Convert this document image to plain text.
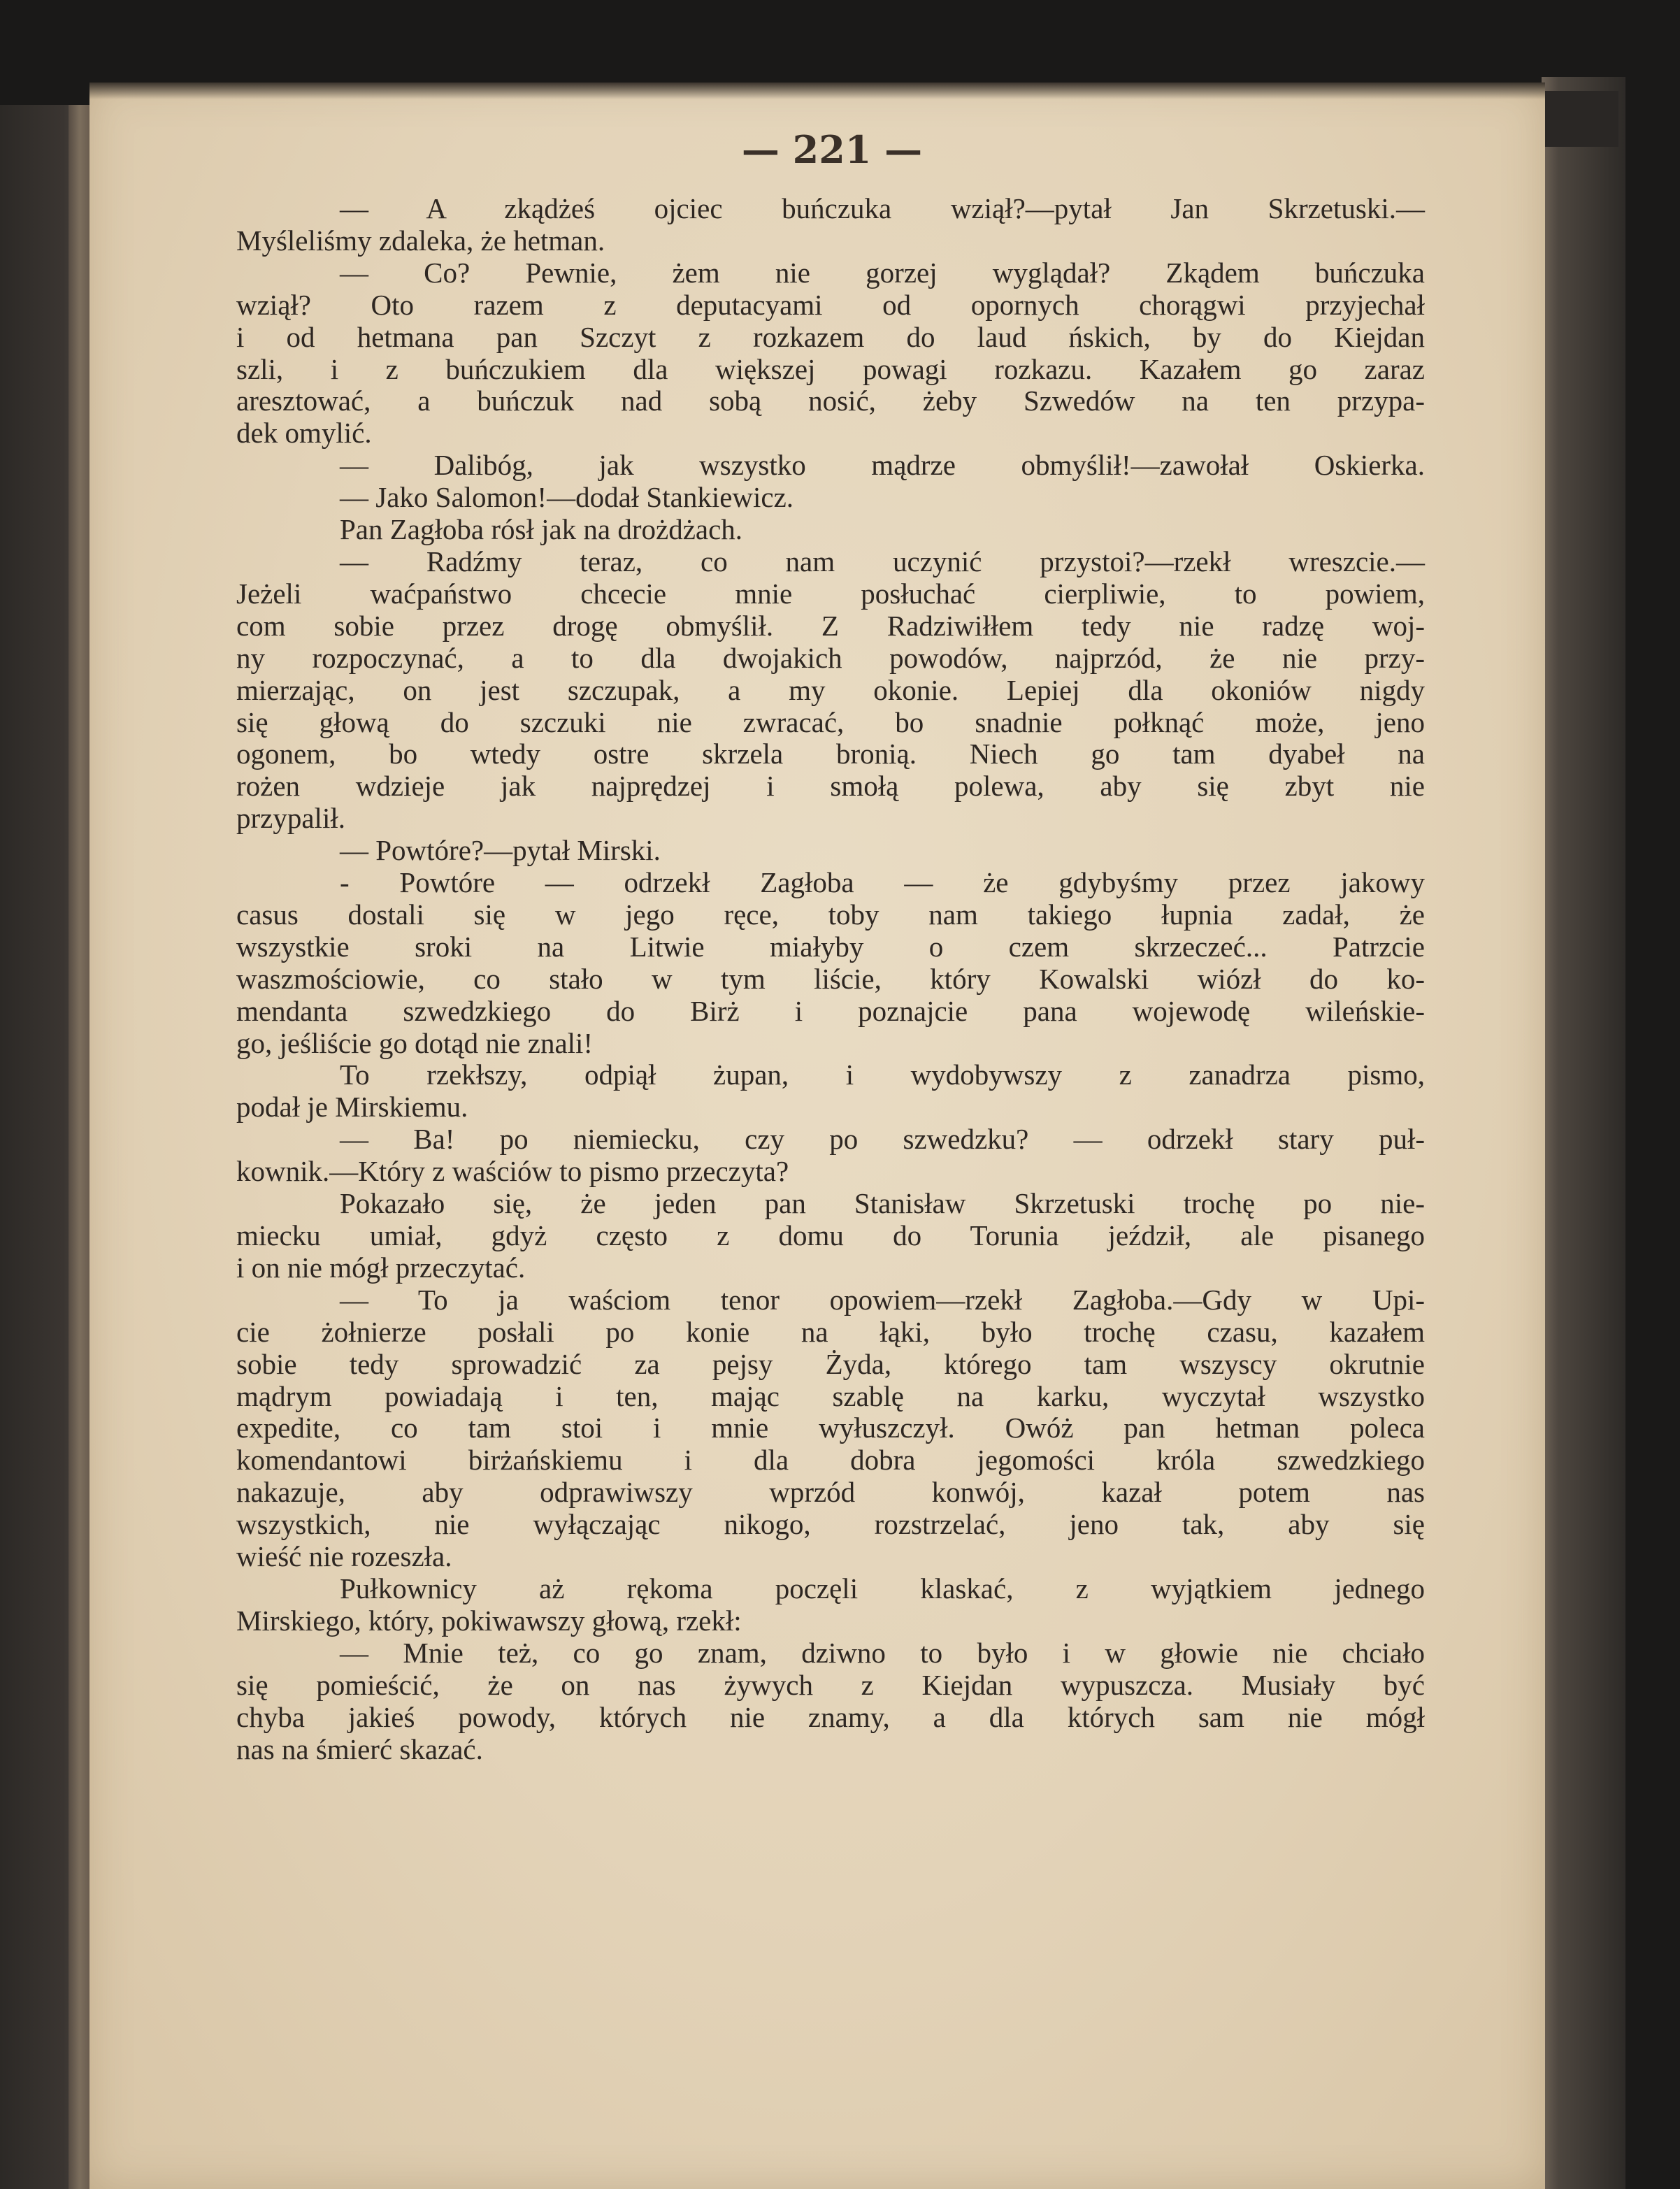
— 221 —
— A zkądżeś ojciec buńczuka wziął?—pytał Jan Skrzetuski.—
Myśleliśmy zdaleka, że hetman.
— Co? Pewnie, żem nie gorzej wyglądał? Zkądem buńczuka
wziął? Oto razem z deputacyami od opornych chorągwi przyjechał
i od hetmana pan Szczyt z rozkazem do laud ńskich, by do Kiejdan
szli, i z buńczukiem dla większej powagi rozkazu. Kazałem go zaraz
aresztować, a buńczuk nad sobą nosić, żeby Szwedów na ten przypa-
dek omylić.
— Dalibóg, jak wszystko mądrze obmyślił!—zawołał Oskierka.
— Jako Salomon!—dodał Stankiewicz.
Pan Zagłoba rósł jak na drożdżach.
— Radźmy teraz, co nam uczynić przystoi?—rzekł wreszcie.—
Jeżeli waćpaństwo chcecie mnie posłuchać cierpliwie, to powiem,
com sobie przez drogę obmyślił. Z Radziwiłłem tedy nie radzę woj-
ny rozpoczynać, a to dla dwojakich powodów, najprzód, że nie przy-
mierzając, on jest szczupak, a my okonie. Lepiej dla okoniów nigdy
się głową do szczuki nie zwracać, bo snadnie połknąć może, jeno
ogonem, bo wtedy ostre skrzela bronią. Niech go tam dyabeł na
rożen wdzieje jak najprędzej i smołą polewa, aby się zbyt nie
przypalił.
— Powtóre?—pytał Mirski.
- Powtóre — odrzekł Zagłoba — że gdybyśmy przez jakowy
casus dostali się w jego ręce, toby nam takiego łupnia zadał, że
wszystkie sroki na Litwie miałyby o czem skrzeczeć... Patrzcie
waszmościowie, co stało w tym liście, który Kowalski wiózł do ko-
mendanta szwedzkiego do Birż i poznajcie pana wojewodę wileńskie-
go, jeśliście go dotąd nie znali!
To rzekłszy, odpiął żupan, i wydobywszy z zanadrza pismo,
podał je Mirskiemu.
— Ba! po niemiecku, czy po szwedzku? — odrzekł stary puł-
kownik.—Który z waściów to pismo przeczyta?
Pokazało się, że jeden pan Stanisław Skrzetuski trochę po nie-
miecku umiał, gdyż często z domu do Torunia jeździł, ale pisanego
i on nie mógł przeczytać.
— To ja waściom tenor opowiem—rzekł Zagłoba.—Gdy w Upi-
cie żołnierze posłali po konie na łąki, było trochę czasu, kazałem
sobie tedy sprowadzić za pejsy Żyda, którego tam wszyscy okrutnie
mądrym powiadają i ten, mając szablę na karku, wyczytał wszystko
expedite, co tam stoi i mnie wyłuszczył. Owóż pan hetman poleca
komendantowi birżańskiemu i dla dobra jegomości króla szwedzkiego
nakazuje, aby odprawiwszy wprzód konwój, kazał potem nas
wszystkich, nie wyłączając nikogo, rozstrzelać, jeno tak, aby się
wieść nie rozeszła.
Pułkownicy aż rękoma poczęli klaskać, z wyjątkiem jednego
Mirskiego, który, pokiwawszy głową, rzekł:
— Mnie też, co go znam, dziwno to było i w głowie nie chciało
się pomieścić, że on nas żywych z Kiejdan wypuszcza. Musiały być
chyba jakieś powody, których nie znamy, a dla których sam nie mógł
nas na śmierć skazać.
